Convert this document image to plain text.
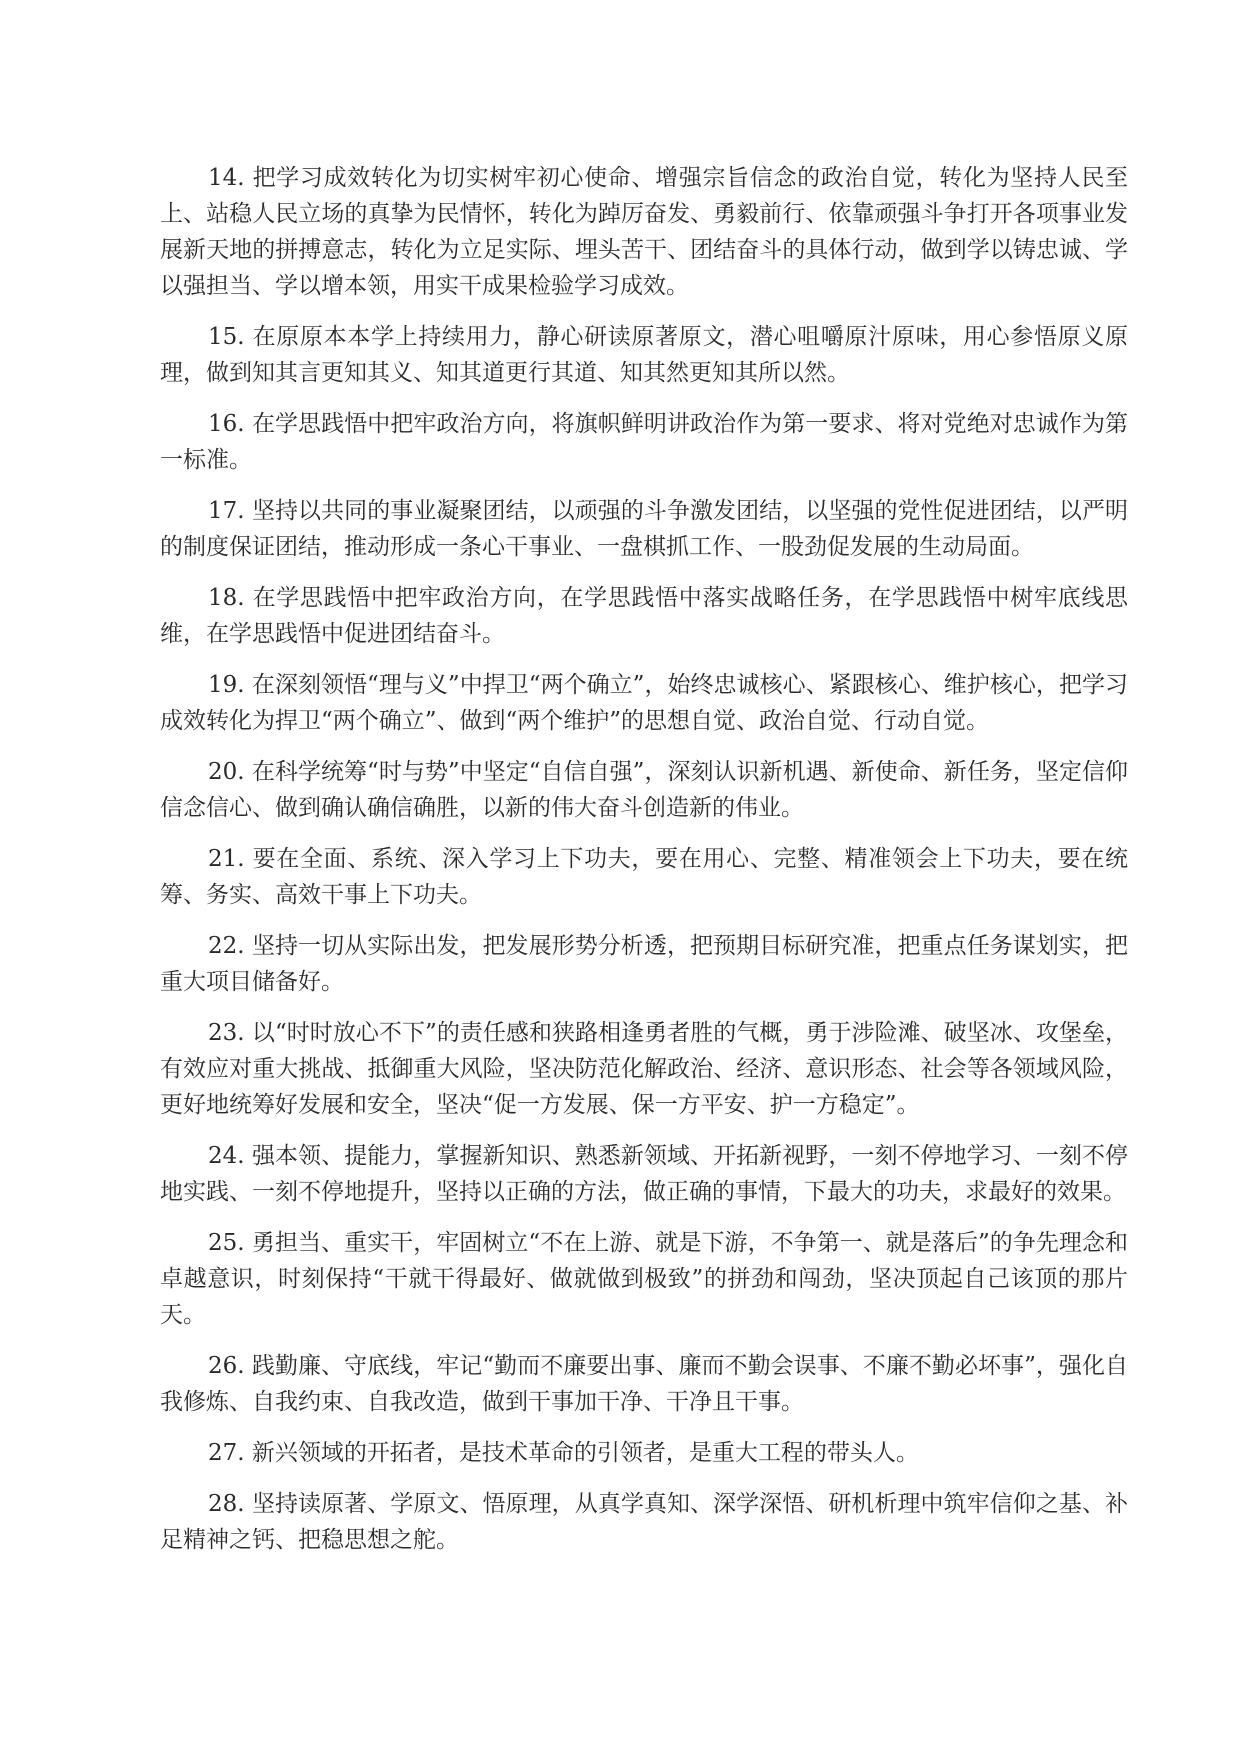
14. 把学习成效转化为切实树牢初心使命、增强宗旨信念的政治自觉，转化为坚持人民至上、站稳人民立场的真挚为民情怀，转化为踔厉奋发、勇毅前行、依靠顽强斗争打开各项事业发展新天地的拼搏意志，转化为立足实际、埋头苦干、团结奋斗的具体行动，做到学以铸忠诚、学以强担当、学以增本领，用实干成果检验学习成效。

15. 在原原本本学上持续用力，静心研读原著原文，潜心咀嚼原汁原味，用心参悟原义原理，做到知其言更知其义、知其道更行其道、知其然更知其所以然。

16. 在学思践悟中把牢政治方向，将旗帜鲜明讲政治作为第一要求、将对党绝对忠诚作为第一标准。

17. 坚持以共同的事业凝聚团结，以顽强的斗争激发团结，以坚强的党性促进团结，以严明的制度保证团结，推动形成一条心干事业、一盘棋抓工作、一股劲促发展的生动局面。

18. 在学思践悟中把牢政治方向，在学思践悟中落实战略任务，在学思践悟中树牢底线思维，在学思践悟中促进团结奋斗。

19. 在深刻领悟“理与义”中捍卫“两个确立”，始终忠诚核心、紧跟核心、维护核心，把学习成效转化为捍卫“两个确立”、做到“两个维护”的思想自觉、政治自觉、行动自觉。

20. 在科学统筹“时与势”中坚定“自信自强”，深刻认识新机遇、新使命、新任务，坚定信仰信念信心、做到确认确信确胜，以新的伟大奋斗创造新的伟业。

21. 要在全面、系统、深入学习上下功夫，要在用心、完整、精准领会上下功夫，要在统筹、务实、高效干事上下功夫。

22. 坚持一切从实际出发，把发展形势分析透，把预期目标研究准，把重点任务谋划实，把重大项目储备好。

23. 以“时时放心不下”的责任感和狭路相逢勇者胜的气概，勇于涉险滩、破坚冰、攻堡垒，有效应对重大挑战、抵御重大风险，坚决防范化解政治、经济、意识形态、社会等各领域风险，更好地统筹好发展和安全，坚决“促一方发展、保一方平安、护一方稳定”。

24. 强本领、提能力，掌握新知识、熟悉新领域、开拓新视野，一刻不停地学习、一刻不停地实践、一刻不停地提升，坚持以正确的方法，做正确的事情，下最大的功夫，求最好的效果。

25. 勇担当、重实干，牢固树立“不在上游、就是下游，不争第一、就是落后”的争先理念和卓越意识，时刻保持“干就干得最好、做就做到极致”的拼劲和闯劲，坚决顶起自己该顶的那片天。

26. 践勤廉、守底线，牢记“勤而不廉要出事、廉而不勤会误事、不廉不勤必坏事”，强化自我修炼、自我约束、自我改造，做到干事加干净、干净且干事。

27. 新兴领域的开拓者，是技术革命的引领者，是重大工程的带头人。

28. 坚持读原著、学原文、悟原理，从真学真知、深学深悟、研机析理中筑牢信仰之基、补足精神之钙、把稳思想之舵。
